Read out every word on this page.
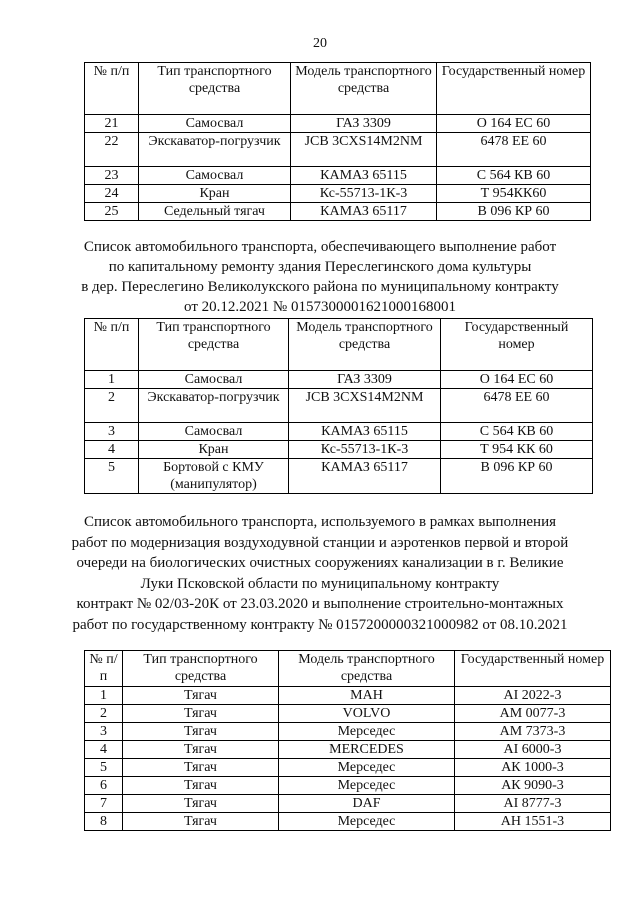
20
№ п/п	Тип транспортного средства	Модель транспортного средства	Государственный номер
21	Самосвал	ГАЗ 3309	О 164 ЕС 60
22	Экскаватор-погрузчик	JCB 3CXS14M2NM	6478 ЕЕ 60
23	Самосвал	КАМАЗ 65115	С 564 КВ 60
24	Кран	Кс-55713-1К-3	Т 954КК60
25	Седельный тягач	КАМАЗ 65117	В 096 КР 60
Список автомобильного транспорта, обеспечивающего выполнение работ
по капитальному ремонту здания Переслегинского дома культуры
в дер. Переслегино Великолукского района по муниципальному контракту
от 20.12.2021 № 0157300001621000168001
№ п/п	Тип транспортного средства	Модель транспортного средства	Государственный номер
1	Самосвал	ГАЗ 3309	О 164 ЕС 60
2	Экскаватор-погрузчик	JCB 3CXS14M2NM	6478 ЕЕ 60
3	Самосвал	КАМАЗ 65115	С 564 КВ 60
4	Кран	Кс-55713-1К-3	Т 954 КК 60
5	Бортовой с КМУ (манипулятор)	КАМАЗ 65117	В 096 КР 60
Список автомобильного транспорта, используемого в рамках выполнения
работ по модернизация воздуходувной станции и аэротенков первой и второй
очереди на биологических очистных сооружениях канализации в г. Великие
Луки Псковской области по муниципальному контракту
контракт № 02/03-20К от 23.03.2020 и выполнение строительно-монтажных
работ по государственному контракту № 0157200000321000982 от 08.10.2021
№ п/п	Тип транспортного средства	Модель транспортного средства	Государственный номер
1	Тягач	МАН	АI 2022-3
2	Тягач	VOLVO	AM 0077-3
3	Тягач	Мерседес	АМ 7373-3
4	Тягач	MERCEDES	АI 6000-3
5	Тягач	Мерседес	АК 1000-3
6	Тягач	Мерседес	АК 9090-3
7	Тягач	DAF	АI 8777-3
8	Тягач	Мерседес	АН 1551-3
